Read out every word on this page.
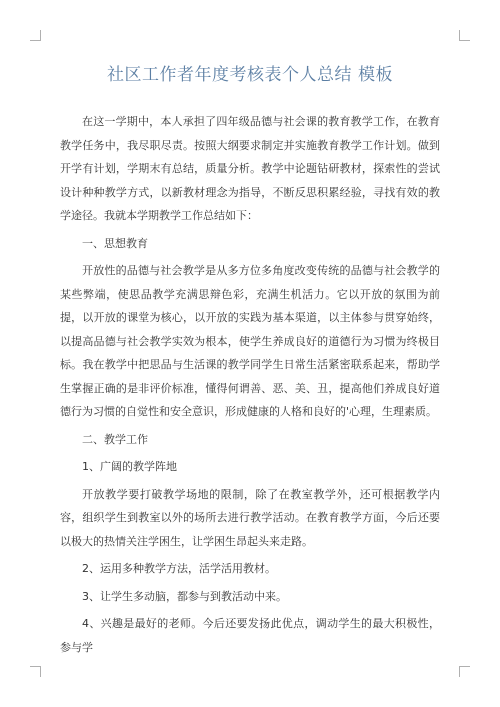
社区工作者年度考核表个人总结 模板

在这一学期中，本人承担了四年级品德与社会课的教育教学工作，在教育教学任务中，我尽职尽责。按照大纲要求制定并实施教育教学工作计划。做到开学有计划，学期末有总结，质量分析。教学中论题钻研教材，探索性的尝试设计种种教学方式，以新教材理念为指导，不断反思积累经验，寻找有效的教学途径。我就本学期教学工作总结如下：

一、思想教育

开放性的品德与社会教学是从多方位多角度改变传统的品德与社会教学的某些弊端，使思品教学充满思辩色彩，充满生机活力。它以开放的氛围为前提，以开放的课堂为核心，以开放的实践为基本渠道，以主体参与贯穿始终，以提高品德与社会教学实效为根本，使学生养成良好的道德行为习惯为终极目标。我在教学中把思品与生活课的教学同学生日常生活紧密联系起来，帮助学生掌握正确的是非评价标准，懂得何谓善、恶、美、丑，提高他们养成良好道德行为习惯的自觉性和安全意识，形成健康的人格和良好的'心理，生理素质。

二、教学工作

1、广阔的教学阵地

开放教学要打破教学场地的限制，除了在教室教学外，还可根据教学内容，组织学生到教室以外的场所去进行教学活动。在教育教学方面，今后还要以极大的热情关注学困生，让学困生昂起头来走路。

2、运用多种教学方法，活学活用教材。

3、让学生多动脑，都参与到教活动中来。

4、兴趣是最好的老师。今后还要发扬此优点，调动学生的最大积极性，参与学
